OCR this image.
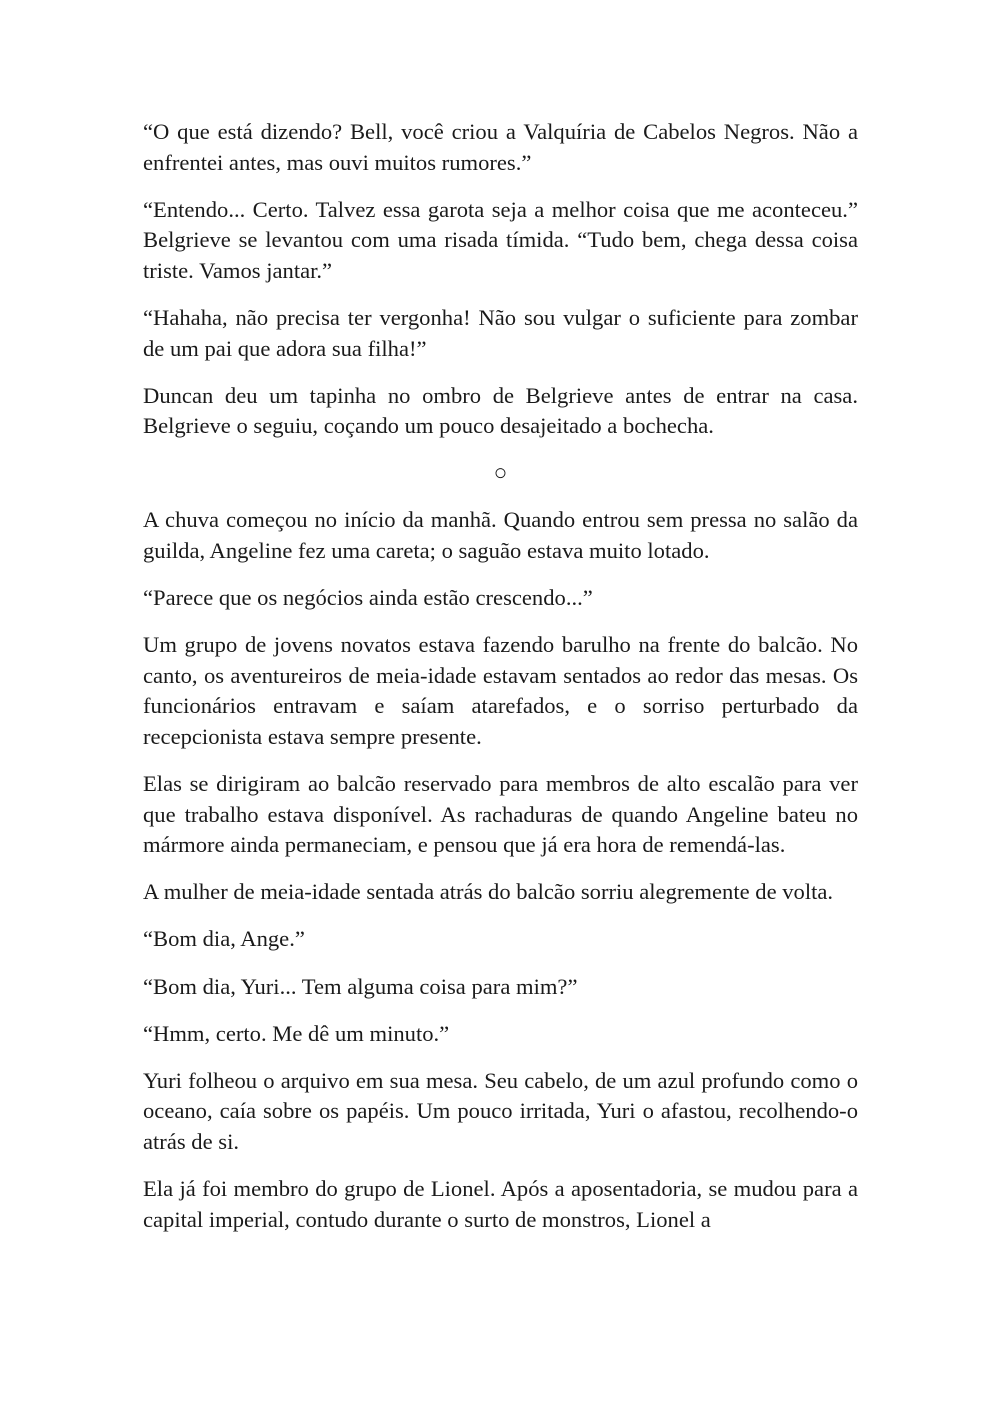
“O que está dizendo? Bell, você criou a Valquíria de Cabelos Negros. Não a enfrentei antes, mas ouvi muitos rumores.”

“Entendo... Certo. Talvez essa garota seja a melhor coisa que me aconteceu.” Belgrieve se levantou com uma risada tímida. “Tudo bem, chega dessa coisa triste. Vamos jantar.”

“Hahaha, não precisa ter vergonha! Não sou vulgar o suficiente para zombar de um pai que adora sua filha!”

Duncan deu um tapinha no ombro de Belgrieve antes de entrar na casa. Belgrieve o seguiu, coçando um pouco desajeitado a bochecha.

○

A chuva começou no início da manhã. Quando entrou sem pressa no salão da guilda, Angeline fez uma careta; o saguão estava muito lotado.

“Parece que os negócios ainda estão crescendo...”

Um grupo de jovens novatos estava fazendo barulho na frente do balcão. No canto, os aventureiros de meia-idade estavam sentados ao redor das mesas. Os funcionários entravam e saíam atarefados, e o sorriso perturbado da recepcionista estava sempre presente.

Elas se dirigiram ao balcão reservado para membros de alto escalão para ver que trabalho estava disponível. As rachaduras de quando Angeline bateu no mármore ainda permaneciam, e pensou que já era hora de remendá-las.

A mulher de meia-idade sentada atrás do balcão sorriu alegremente de volta.

“Bom dia, Ange.”

“Bom dia, Yuri... Tem alguma coisa para mim?”

“Hmm, certo. Me dê um minuto.”

Yuri folheou o arquivo em sua mesa. Seu cabelo, de um azul profundo como o oceano, caía sobre os papéis. Um pouco irritada, Yuri o afastou, recolhendo-o atrás de si.

Ela já foi membro do grupo de Lionel. Após a aposentadoria, se mudou para a capital imperial, contudo durante o surto de monstros, Lionel a
